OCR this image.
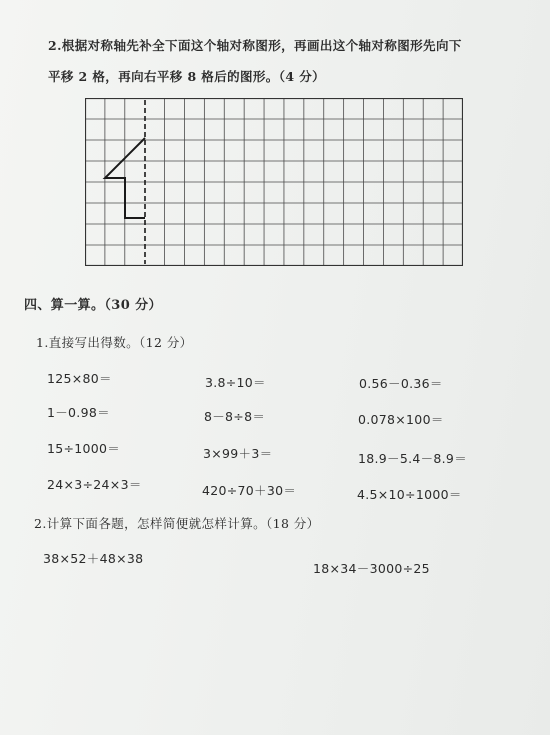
2.根据对称轴先补全下面这个轴对称图形，再画出这个轴对称图形先向下
平移 2 格，再向右平移 8 格后的图形。（4 分）
四、算一算。（30 分）
1.直接写出得数。（12 分）
125×80＝	3.8÷10＝	0.56－0.36＝
1－0.98＝	8－8÷8＝	0.078×100＝
15÷1000＝	3×99＋3＝	18.9－5.4－8.9＝
24×3÷24×3＝	420÷70＋30＝	4.5×10÷1000＝
2.计算下面各题，怎样简便就怎样计算。（18 分）
38×52＋48×38
18×34－3000÷25
